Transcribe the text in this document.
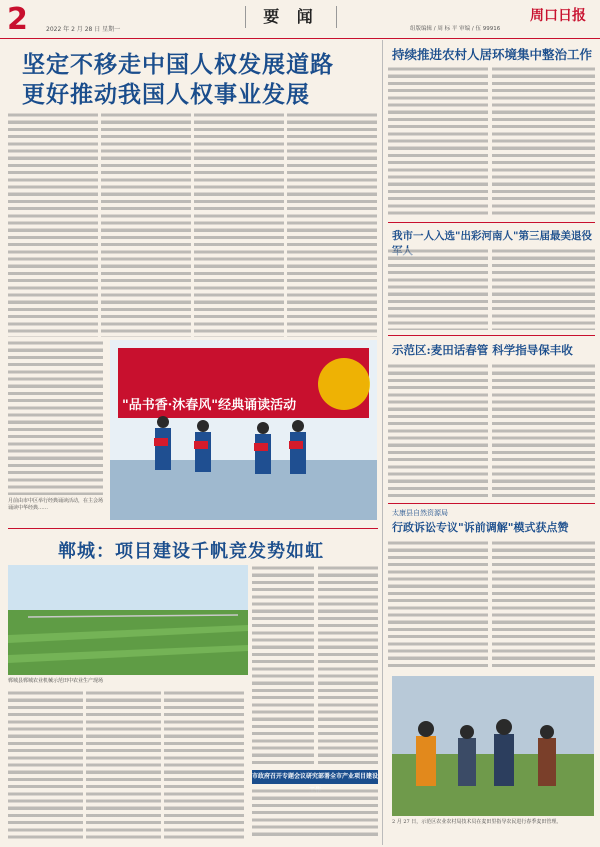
2	2022 年 2 月 28 日 星期一
要 闻
组版编辑 / 周 标 平 审编 / 伍 99916
周口日报
坚定不移走中国人权发展道路
更好推动我国人权事业发展
月前由市中区举行经典诵读活动，在主会场诵读中华经典……
"品书香·沐春风"经典诵读活动
郸城：项目建设千帆竞发势如虹
郸城县郸城农业机械示范田中农业生产现场
市政府召开专题会议研究部署全市产业项目建设
持续推进农村人居环境集中整治工作
我市一人入选"出彩河南人"第三届最美退役
示范区:麦田话春管 科学指导保丰收
太康县自然资源局
行政诉讼专议"诉前调解"模式获点赞
2 月 27 日，示范区农业农村局技术员在麦田里指导农民进行春季麦田管理。
